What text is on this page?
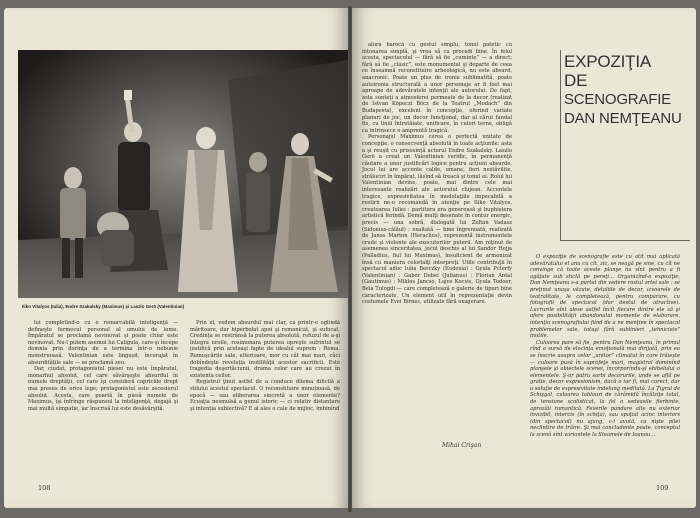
Iliko Vitalyos (Iulia), Endre Szakalsky (Maximus) şi Laszlo Gerö (Valentinian)

lui completînd-o cu o remarcabilă inteligenţă — defineşte fermecul personal al omului de lume. Împăratul se proclamă nevinovat şi poate chiar este nevinovat. Nu-l putem asemui lui Caligula, care-şi începe domnia prin dorinţa de a termina într-o nebunie monstruoasă. Valentinian este lingușit, încurajat în absurditățile sale — se proclamă zeu.

Dar, ciudat, protagonistul piesei nu este împăratul, monarhul absolut, cel care săvârşeşte absurdul în numele dreptăţii, cel care îşi consideră capriciile drept mai presus de orice lege; protagonistul este zecesierul absolut. Acesta, care poartă în piesă numele de Maximus, îşi înfrînge răspunsul la inteligenţă, degajă şi mai multă simpatie, iar înscrisă lui este desăvârşită.

Prin el, vedem absurdul mai clar, ca printr-o oglindă măritoare, dar hiperbolat apoi şi remanicat, şi sufocat. Credința se restrânsă la puterea absolută, refuzul de a-şi întegra uroile, rosimonara puterea opreşte sufrintul se justifică prin aceleaşi fapte de idealul suprem : Roma. Remuşcările sale, ulterioare, mor cu cât mai mari, căci dobîndeşte revelaţia inutilităţii acestor sacrificii. Este tragedia deşertăciunii, drama celor care au crezut în existenta ceilor.

Registrul ţinut astfel de a conduce dilema dificilă a stilului acestui spectacol. O reconstituire minuțioasă, de epocă — sau eliberarea sincretă a unor elemente? Ecuaţia nesmulsă a genul istoric — ci relativ distanțare şi intenția subiectivă? E al ales o cale de mijloc, îmbinînd

108

alura barocă cu gestul simplu, tonul patetic cu intonarea simplă, şi vrea să ca procedi bine. În felul acesta, spectacolul — fără să fie „cuminte” — a direct; fără să fie „clasic”, este monumental şi departe de ceea ce înseamnă reconstituire arheologică, nu este absurd, anacronic. Poate un plus de ironie sublimatită, poate autoironia structurală a unor personaje ar fi fost mai aproape de adevăratele intenţii ale autorului. De fapt, asta sunteţi a atmosferei permeate de la decor (realizat de Istvan Köpeczi Böcz de la Teatrul „Modach” din Budapesta), excelent în concepţie, oferind variate planuri de joc, un decor funcţional, dar al cărui fundal fix, cu liniii întretăiate, unificare, în culori terne, obligă ca intrinsece o amprentă tragică.

Personajul Maximus cerea o perfectă unitate de concepţie, o consecvenţă absolută în toate acţiunile: asta a şi reuşit cu prisosinţă actorul Endre Szakalsky. Laszlo Gerö a creat un Valentinian veridic, în permanenţă căutare a unor justificări logice pentru acţiuni absurde. Jocul lui are accente calde, umane, fiori nestăvilite, străluciri în împărat, lăsînd să treacă şi tonul ei. Rolul lui Valentinian devine, poate, mai dintre cele mai interesante realizări ale actorului clujean. Accentele tragice, expresivitatea în modulaţiile impecabilă a rostirii ne-o recomandă în atenţie pe Iliko Vitalyos, creatoarea Iuliei : partitura era generoasă şi buphiștera artistică ferindă. Demă mulţi desenate în contur energic, precis — una sobră, dialogată lui Zoltan Vadasz (Sidonius-călăul) : exaltată — bine îngrenoată, realizată de Janos Marton (Heraclius), reprezentă instrumentele crude şi violente ale executorilor puterii. Am reţinut de asemenea sinceritatea, jocul deschis al lui Sandor Hejja (Palladius, fiul lui Maximus), însuficient de armonizat însă cu maniera celorlalţi interpreţi. Utile contribuţii în spectacol aduc Iulia Berczky (Eudoxia) : Gyula Pcterfy (Valentinian) : Gabor Debei (Julianus) : Florian Antal (Gautimus) : Miklos Jancso, Lajos Kocsis, Gyula Todoer, Bela Tulogdi — care completează o galerie de tipuri bine caracterizate. Un element util în reprezentaţie devin costumele Evei Birnes, utilizate fără exagerare.

Mihai Crişan

O expoziţie de scenografie este cu atît mai aplicată adevăratului el anu cu cît, zic, se neagă pe sine, cu cît ne convinge că toate aceste planşe nu sînt pentru a fi agăţate sub sticlă pe pereţi... Organizînd-o expoziţie, Dan Nemţeanu s-a purtat din vedere rostul artei sale : se preţinut unaşa văzute, detaliile de decor, izvoarele de teatralitate, le completează, pentru comparare, cu fotografii de spectacol (dar destul de atractive). Lucrurile sînt alese astfel încît fiecare dintre ele să şi ofere posibilităţii abandonului momente de elaborare, intenţia scenografiului fiind de a ne menţine în spectacol problemelor sale, totuşi fără sublinieri „tehniciste” inutile.

Culoarea pare să fie, pentru Dan Nemţeanu, în primul rînd o sursă de elocinţa emoţională mai dirijată, prin ea se înscrie asupra celor „unitor” climatul în care trăieşte — culoare pusă în suprafeţe mari, magistral dominînd planşele şi obiectele scenei, încorporîndu-şi ebibelului o elementele. Ş-or patru sorbi decorurile, unde se află pe gratie, decor expresionism, dacă o iar fi, mai corect, dar o soluţie de expresivitate indelung meditată. La Ţigrul de Schişgal, culoarea tablouri de cărămidă încălziţe total, de tensiune scolisticat, la fel o sedeasile fierbinte, aprozăii romantică. Feverile pandare alte nu exterior invizibil, intercis (în schiţa), sau spaţial acinc interiors (din spectacol) nu ajung, c-i avută, ca nişte pilei neclintire de trăire. Şi mai concludente poate, conceptul la scenă sînt variantele la Steamele de Ioanou...

109
EXPOZIŢIA
DE
SCENOGRAFIE
DAN NEMŢEANU
